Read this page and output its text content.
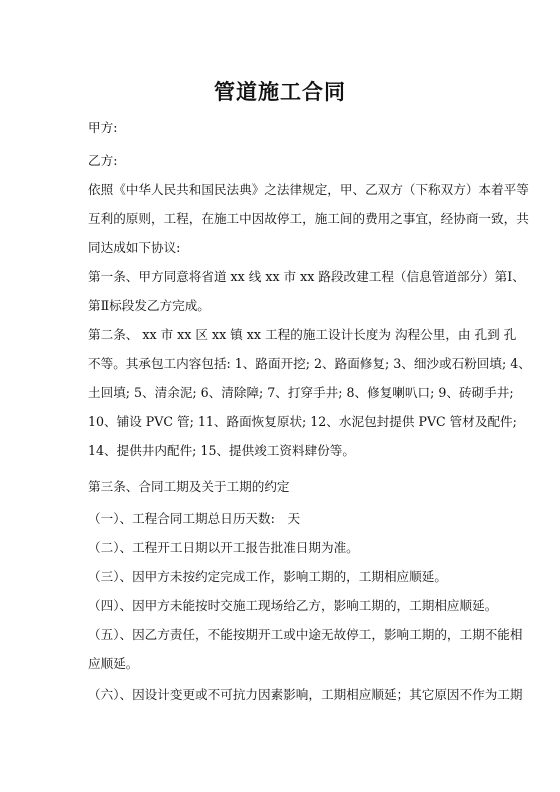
管道施工合同
甲方:
乙方:
依照《中华人民共和国民法典》之法律规定，甲、乙双方（下称双方）本着平等
互利的原则，工程，在施工中因故停工，施工间的费用之事宜，经协商一致，共
同达成如下协议:
第一条、甲方同意将省道 xx 线 xx 市 xx 路段改建工程（信息管道部分）第Ⅰ、
第Ⅱ标段发乙方完成。
第二条、 xx 市 xx 区 xx 镇 xx 工程的施工设计长度为 沟程公里，由 孔到 孔
不等。其承包工内容包括: 1、路面开挖; 2、路面修复; 3、细沙或石粉回填; 4、
土回填; 5、清余泥; 6、清除障; 7、打穿手井; 8、修复喇叭口; 9、砖砌手井;
10、铺设 PVC 管; 11、路面恢复原状; 12、水泥包封提供 PVC 管材及配件;
14、提供井内配件; 15、提供竣工资料肆份等。
第三条、合同工期及关于工期的约定
（一）、工程合同工期总日历天数:　天
（二）、工程开工日期以开工报告批准日期为准。
（三）、因甲方未按约定完成工作，影响工期的，工期相应顺延。
（四）、因甲方未能按时交施工现场给乙方，影响工期的，工期相应顺延。
（五）、因乙方责任，不能按期开工或中途无故停工，影响工期的，工期不能相
应顺延。
（六）、因设计变更或不可抗力因素影响，工期相应顺延；其它原因不作为工期
